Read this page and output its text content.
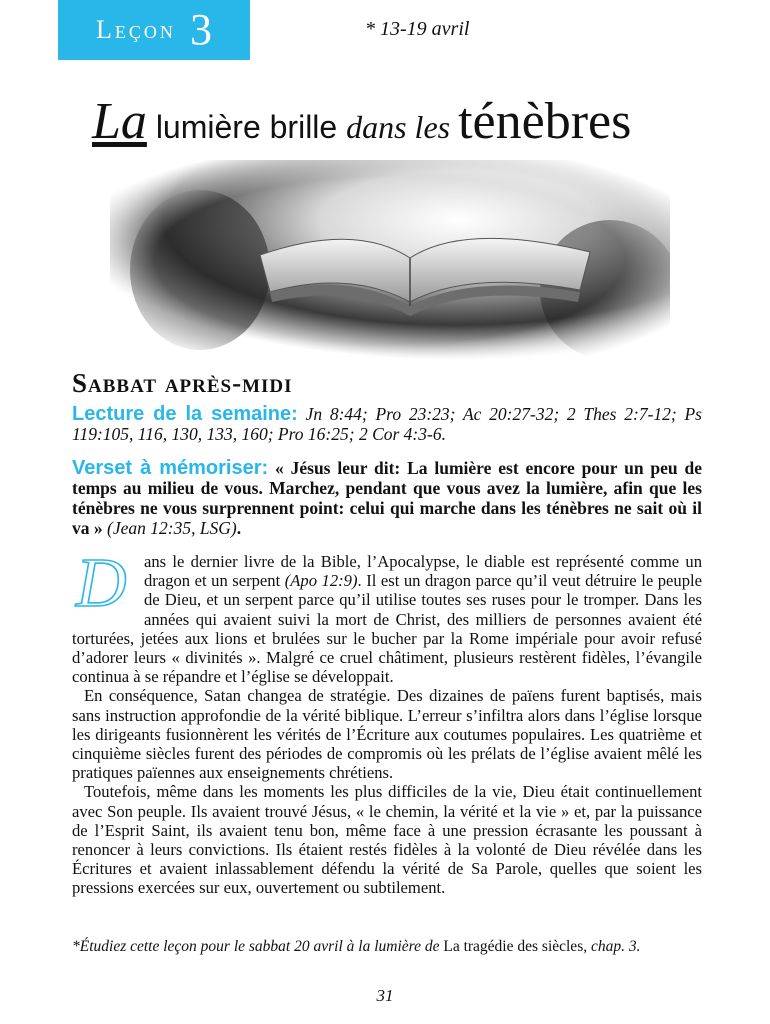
Leçon 3	* 13-19 avril
La lumière brille dans les ténèbres
Sabbat après-midi

Lecture de la semaine: Jn 8:44; Pro 23:23; Ac 20:27-32; 2 Thes 2:7-12; Ps 119:105, 116, 130, 133, 160; Pro 16:25; 2 Cor 4:3-6.

Verset à mémoriser: « Jésus leur dit: La lumière est encore pour un peu de temps au milieu de vous. Marchez, pendant que vous avez la lumière, afin que les ténèbres ne vous surprennent point: celui qui marche dans les ténèbres ne sait où il va » (Jean 12:35, LSG).

D ans le dernier livre de la Bible, l’Apocalypse, le diable est représenté comme un dragon et un serpent (Apo 12:9). Il est un dragon parce qu’il veut détruire le peuple de Dieu, et un serpent parce qu’il utilise toutes ses ruses pour le tromper. Dans les années qui avaient suivi la mort de Christ, des milliers de personnes avaient été torturées, jetées aux lions et brulées sur le bucher par la Rome impériale pour avoir refusé d’adorer leurs « divinités ». Malgré ce cruel châtiment, plusieurs restèrent fidèles, l’évangile continua à se répandre et l’église se développait.

En conséquence, Satan changea de stratégie. Des dizaines de païens furent baptisés, mais sans instruction approfondie de la vérité biblique. L’erreur s’infiltra alors dans l’église lorsque les dirigeants fusionnèrent les vérités de l’Écriture aux coutumes populaires. Les quatrième et cinquième siècles furent des périodes de compromis où les prélats de l’église avaient mêlé les pratiques païennes aux enseignements chrétiens.

Toutefois, même dans les moments les plus difficiles de la vie, Dieu était continuellement avec Son peuple. Ils avaient trouvé Jésus, « le chemin, la vérité et la vie » et, par la puissance de l’Esprit Saint, ils avaient tenu bon, même face à une pression écrasante les poussant à renoncer à leurs convictions. Ils étaient restés fidèles à la volonté de Dieu révélée dans les Écritures et avaient inlassablement défendu la vérité de Sa Parole, quelles que soient les pressions exercées sur eux, ouvertement ou subtilement.

*Étudiez cette leçon pour le sabbat 20 avril à la lumière de La tragédie des siècles, chap. 3.
31
